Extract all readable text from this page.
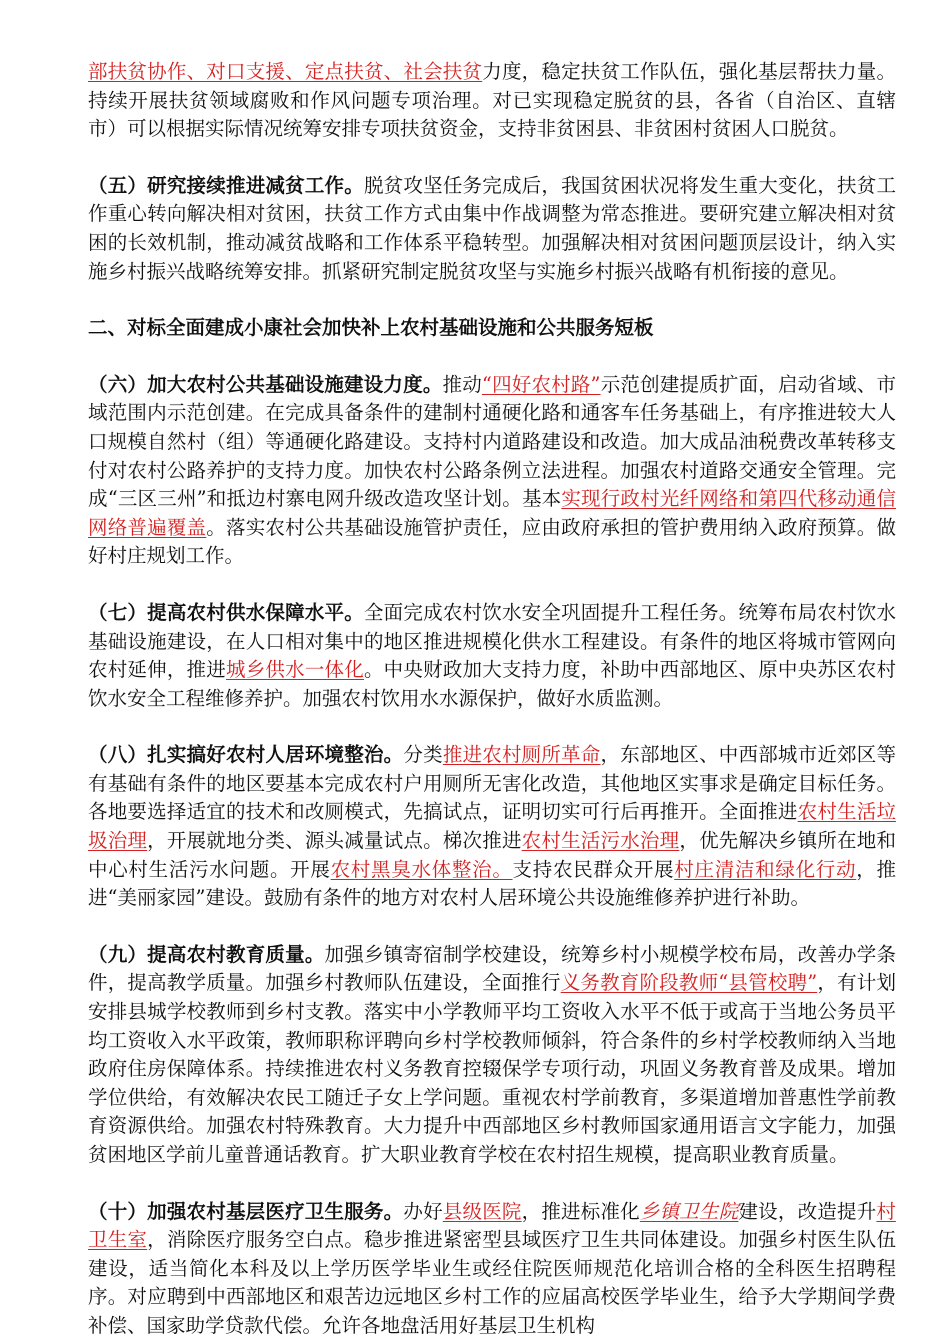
部扶贫协作、对口支援、定点扶贫、社会扶贫力度，稳定扶贫工作队伍，强化基层帮扶力量。持续开展扶贫领域腐败和作风问题专项治理。对已实现稳定脱贫的县，各省（自治区、直辖市）可以根据实际情况统筹安排专项扶贫资金，支持非贫困县、非贫困村贫困人口脱贫。

（五）研究接续推进减贫工作。脱贫攻坚任务完成后，我国贫困状况将发生重大变化，扶贫工作重心转向解决相对贫困，扶贫工作方式由集中作战调整为常态推进。要研究建立解决相对贫困的长效机制，推动减贫战略和工作体系平稳转型。加强解决相对贫困问题顶层设计，纳入实施乡村振兴战略统筹安排。抓紧研究制定脱贫攻坚与实施乡村振兴战略有机衔接的意见。

二、对标全面建成小康社会加快补上农村基础设施和公共服务短板

（六）加大农村公共基础设施建设力度。推动“四好农村路”示范创建提质扩面，启动省域、市域范围内示范创建。在完成具备条件的建制村通硬化路和通客车任务基础上，有序推进较大人口规模自然村（组）等通硬化路建设。支持村内道路建设和改造。加大成品油税费改革转移支付对农村公路养护的支持力度。加快农村公路条例立法进程。加强农村道路交通安全管理。完成“三区三州”和抵边村寨电网升级改造攻坚计划。基本实现行政村光纤网络和第四代移动通信网络普遍覆盖。落实农村公共基础设施管护责任，应由政府承担的管护费用纳入政府预算。做好村庄规划工作。

（七）提高农村供水保障水平。全面完成农村饮水安全巩固提升工程任务。统筹布局农村饮水基础设施建设，在人口相对集中的地区推进规模化供水工程建设。有条件的地区将城市管网向农村延伸，推进城乡供水一体化。中央财政加大支持力度，补助中西部地区、原中央苏区农村饮水安全工程维修养护。加强农村饮用水水源保护，做好水质监测。

（八）扎实搞好农村人居环境整治。分类推进农村厕所革命，东部地区、中西部城市近郊区等有基础有条件的地区要基本完成农村户用厕所无害化改造，其他地区实事求是确定目标任务。各地要选择适宜的技术和改厕模式，先搞试点，证明切实可行后再推开。全面推进农村生活垃圾治理，开展就地分类、源头减量试点。梯次推进农村生活污水治理，优先解决乡镇所在地和中心村生活污水问题。开展农村黑臭水体整治。支持农民群众开展村庄清洁和绿化行动，推进“美丽家园”建设。鼓励有条件的地方对农村人居环境公共设施维修养护进行补助。

（九）提高农村教育质量。加强乡镇寄宿制学校建设，统筹乡村小规模学校布局，改善办学条件，提高教学质量。加强乡村教师队伍建设，全面推行义务教育阶段教师“县管校聘”，有计划安排县城学校教师到乡村支教。落实中小学教师平均工资收入水平不低于或高于当地公务员平均工资收入水平政策，教师职称评聘向乡村学校教师倾斜，符合条件的乡村学校教师纳入当地政府住房保障体系。持续推进农村义务教育控辍保学专项行动，巩固义务教育普及成果。增加学位供给，有效解决农民工随迁子女上学问题。重视农村学前教育，多渠道增加普惠性学前教育资源供给。加强农村特殊教育。大力提升中西部地区乡村教师国家通用语言文字能力，加强贫困地区学前儿童普通话教育。扩大职业教育学校在农村招生规模，提高职业教育质量。

（十）加强农村基层医疗卫生服务。办好县级医院，推进标准化乡镇卫生院建设，改造提升村卫生室，消除医疗服务空白点。稳步推进紧密型县域医疗卫生共同体建设。加强乡村医生队伍建设，适当简化本科及以上学历医学毕业生或经住院医师规范化培训合格的全科医生招聘程序。对应聘到中西部地区和艰苦边远地区乡村工作的应届高校医学毕业生，给予大学期间学费补偿、国家助学贷款代偿。允许各地盘活用好基层卫生机构
